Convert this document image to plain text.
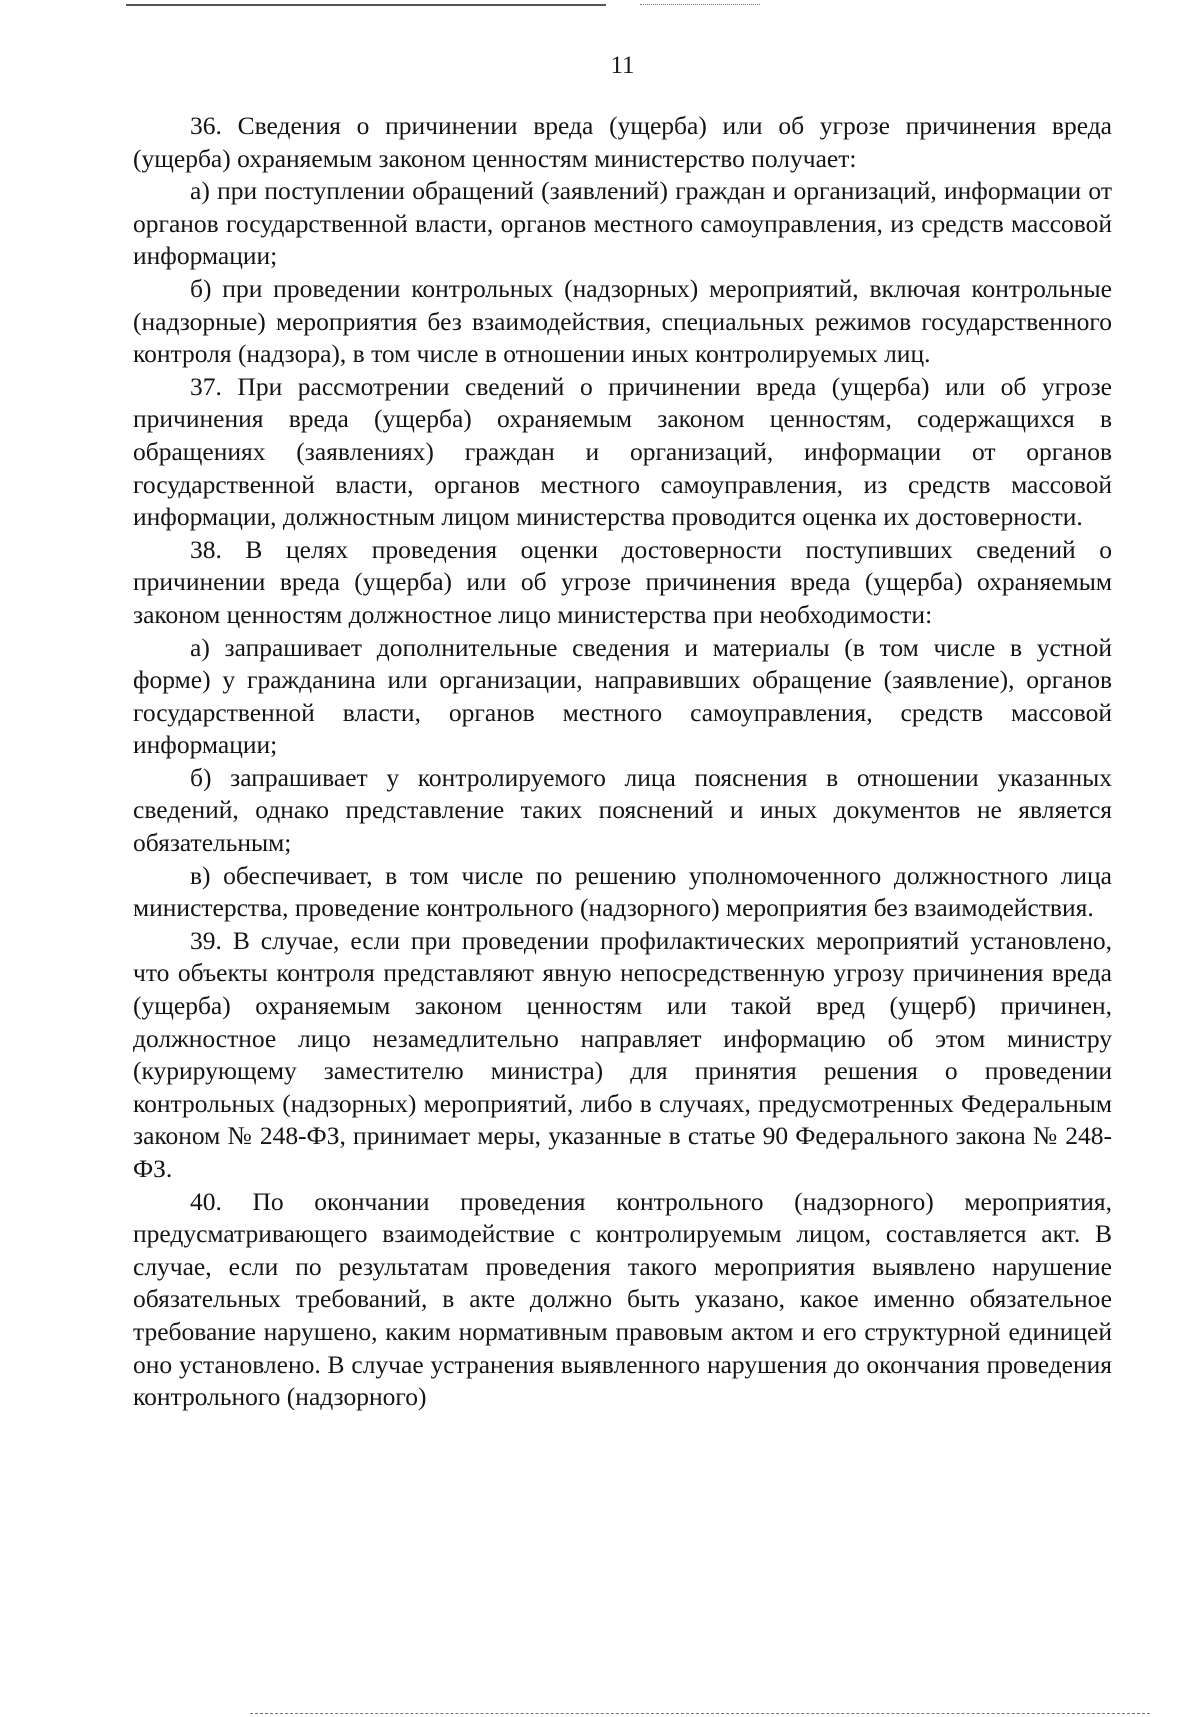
11

36. Сведения о причинении вреда (ущерба) или об угрозе причинения вреда (ущерба) охраняемым законом ценностям министерство получает:

а) при поступлении обращений (заявлений) граждан и организаций, информации от органов государственной власти, органов местного самоуправления, из средств массовой информации;

б) при проведении контрольных (надзорных) мероприятий, включая контрольные (надзорные) мероприятия без взаимодействия, специальных режимов государственного контроля (надзора), в том числе в отношении иных контролируемых лиц.

37. При рассмотрении сведений о причинении вреда (ущерба) или об угрозе причинения вреда (ущерба) охраняемым законом ценностям, содержащихся в обращениях (заявлениях) граждан и организаций, информации от органов государственной власти, органов местного самоуправления, из средств массовой информации, должностным лицом министерства проводится оценка их достоверности.

38. В целях проведения оценки достоверности поступивших сведений о причинении вреда (ущерба) или об угрозе причинения вреда (ущерба) охраняемым законом ценностям должностное лицо министерства при необходимости:

а) запрашивает дополнительные сведения и материалы (в том числе в устной форме) у гражданина или организации, направивших обращение (заявление), органов государственной власти, органов местного самоуправления, средств массовой информации;

б) запрашивает у контролируемого лица пояснения в отношении указанных сведений, однако представление таких пояснений и иных документов не является обязательным;

в) обеспечивает, в том числе по решению уполномоченного должностного лица министерства, проведение контрольного (надзорного) мероприятия без взаимодействия.

39. В случае, если при проведении профилактических мероприятий установлено, что объекты контроля представляют явную непосредственную угрозу причинения вреда (ущерба) охраняемым законом ценностям или такой вред (ущерб) причинен, должностное лицо незамедлительно направляет информацию об этом министру (курирующему заместителю министра) для принятия решения о проведении контрольных (надзорных) мероприятий, либо в случаях, предусмотренных Федеральным законом № 248-ФЗ, принимает меры, указанные в статье 90 Федерального закона № 248-ФЗ.

40. По окончании проведения контрольного (надзорного) мероприятия, предусматривающего взаимодействие с контролируемым лицом, составляется акт. В случае, если по результатам проведения такого мероприятия выявлено нарушение обязательных требований, в акте должно быть указано, какое именно обязательное требование нарушено, каким нормативным правовым актом и его структурной единицей оно установлено. В случае устранения выявленного нарушения до окончания проведения контрольного (надзорного)
